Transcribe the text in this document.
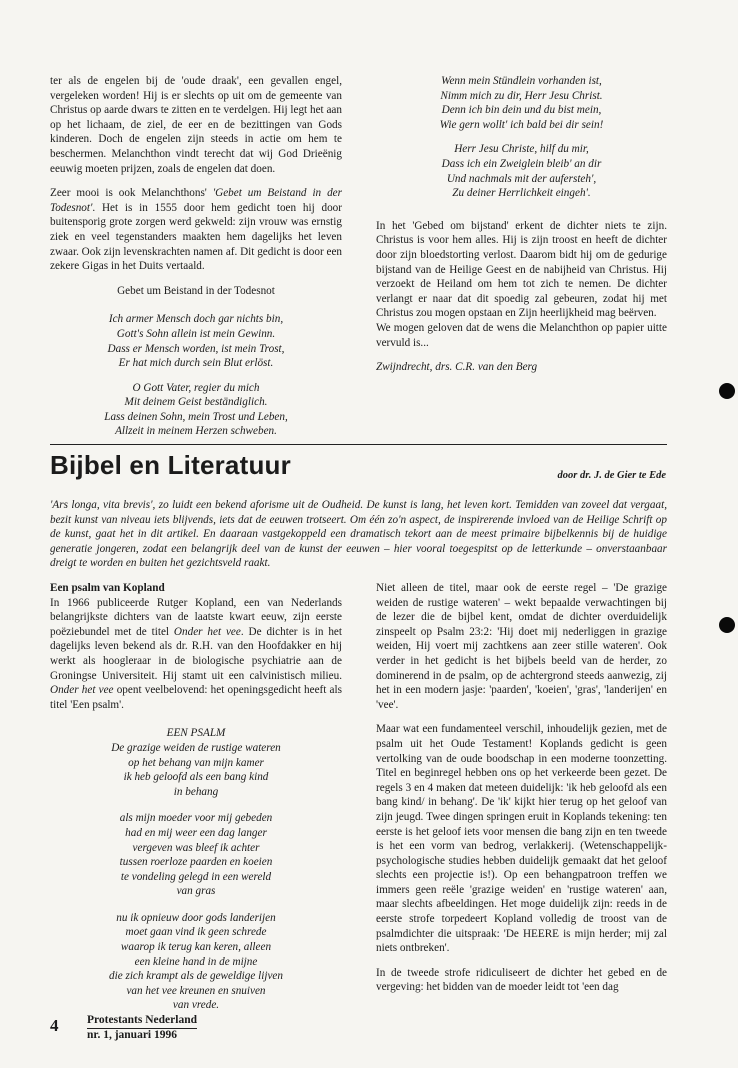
ter als de engelen bij de 'oude draak', een gevallen engel, vergeleken worden! Hij is er slechts op uit om de gemeente van Christus op aarde dwars te zitten en te verdelgen. Hij legt het aan op het lichaam, de ziel, de eer en de bezittingen van Gods kinderen. Doch de engelen zijn steeds in actie om hem te beschermen. Melanchthon vindt terecht dat wij God Drieënig eeuwig moeten prijzen, zoals de engelen dat doen.

Zeer mooi is ook Melanchthons' 'Gebet um Beistand in der Todesnot'. Het is in 1555 door hem gedicht toen hij door buitensporig grote zorgen werd gekweld: zijn vrouw was ernstig ziek en veel tegenstanders maakten hem dagelijks het leven zwaar. Ook zijn levenskrachten namen af. Dit gedicht is door een zekere Gigas in het Duits vertaald.

Gebet um Beistand in der Todesnot
Ich armer Mensch doch gar nichts bin,
Gott's Sohn allein ist mein Gewinn.
Dass er Mensch worden, ist mein Trost,
Er hat mich durch sein Blut erlöst.
O Gott Vater, regier du mich
Mit deinem Geist beständiglich.
Lass deinen Sohn, mein Trost und Leben,
Allzeit in meinem Herzen schweben.
Wenn mein Stündlein vorhanden ist,
Nimm mich zu dir, Herr Jesu Christ.
Denn ich bin dein und du bist mein,
Wie gern wollt' ich bald bei dir sein!
Herr Jesu Christe, hilf du mir,
Dass ich ein Zweiglein bleib' an dir
Und nachmals mit der aufersteh',
Zu deiner Herrlichkeit eingeh'.

In het 'Gebed om bijstand' erkent de dichter niets te zijn. Christus is voor hem alles. Hij is zijn troost en heeft de dichter door zijn bloedstorting verlost. Daarom bidt hij om de gedurige bijstand van de Heilige Geest en de nabijheid van Christus. Hij verzoekt de Heiland om hem tot zich te nemen. De dichter verlangt er naar dat dit spoedig zal gebeuren, zodat hij met Christus zou mogen opstaan en Zijn heerlijkheid mag beërven.

We mogen geloven dat de wens die Melanchthon op papier uitte vervuld is...

Zwijndrecht, drs. C.R. van den Berg

Bijbel en Literatuur	door dr. J. de Gier te Ede
'Ars longa, vita brevis', zo luidt een bekend aforisme uit de Oudheid. De kunst is lang, het leven kort. Temidden van zoveel dat vergaat, bezit kunst van niveau iets blijvends, iets dat de eeuwen trotseert. Om één zo'n aspect, de inspirerende invloed van de Heilige Schrift op de kunst, gaat het in dit artikel. En daaraan vastgekoppeld een dramatisch tekort aan de meest primaire bijbelkennis bij de huidige generatie jongeren, zodat een belangrijk deel van de kunst der eeuwen – hier vooral toegespitst op de letterkunde – onverstaanbaar dreigt te worden en buiten het gezichtsveld raakt.
Een psalm van Kopland

In 1966 publiceerde Rutger Kopland, een van Nederlands belangrijkste dichters van de laatste kwart eeuw, zijn eerste poëziebundel met de titel Onder het vee. De dichter is in het dagelijks leven bekend als dr. R.H. van den Hoofdakker en hij werkt als hoogleraar in de biologische psychiatrie aan de Groningse Universiteit. Hij stamt uit een calvinistisch milieu. Onder het vee opent veelbelovend: het openingsgedicht heeft als titel 'Een psalm'.

EEN PSALM
De grazige weiden de rustige wateren
op het behang van mijn kamer
ik heb geloofd als een bang kind
in behang
als mijn moeder voor mij gebeden
had en mij weer een dag langer
vergeven was bleef ik achter
tussen roerloze paarden en koeien
te vondeling gelegd in een wereld
van gras
nu ik opnieuw door gods landerijen
moet gaan vind ik geen schrede
waarop ik terug kan keren, alleen
een kleine hand in de mijne
die zich krampt als de geweldige lijven
van het vee kreunen en snuiven
van vrede.

Niet alleen de titel, maar ook de eerste regel – 'De grazige weiden de rustige wateren' – wekt bepaalde verwachtingen bij de lezer die de bijbel kent, omdat de dichter overduidelijk zinspeelt op Psalm 23:2: 'Hij doet mij nederliggen in grazige weiden, Hij voert mij zachtkens aan zeer stille wateren'. Ook verder in het gedicht is het bijbels beeld van de herder, zo dominerend in de psalm, op de achtergrond steeds aanwezig, zij het in een modern jasje: 'paarden', 'koeien', 'gras', 'landerijen' en 'vee'.

Maar wat een fundamenteel verschil, inhoudelijk gezien, met de psalm uit het Oude Testament! Koplands gedicht is geen vertolking van de oude boodschap in een moderne toonzetting. Titel en beginregel hebben ons op het verkeerde been gezet. De regels 3 en 4 maken dat meteen duidelijk: 'ik heb geloofd als een bang kind/ in behang'. De 'ik' kijkt hier terug op het geloof van zijn jeugd. Twee dingen springen eruit in Koplands tekening: ten eerste is het geloof iets voor mensen die bang zijn en ten tweede is het een vorm van bedrog, verlakkerij. (Wetenschappelijk-psychologische studies hebben duidelijk gemaakt dat het geloof slechts een projectie is!). Op een behangpatroon treffen we immers geen reële 'grazige weiden' en 'rustige wateren' aan, maar slechts afbeeldingen. Het moge duidelijk zijn: reeds in de eerste strofe torpedeert Kopland volledig de troost van de psalmdichter die uitspraak: 'De HEERE is mijn herder; mij zal niets ontbreken'.

In de tweede strofe ridiculiseert de dichter het gebed en de vergeving: het bidden van de moeder leidt tot 'een dag

4 Protestants Nederland
nr. 1, januari 1996
